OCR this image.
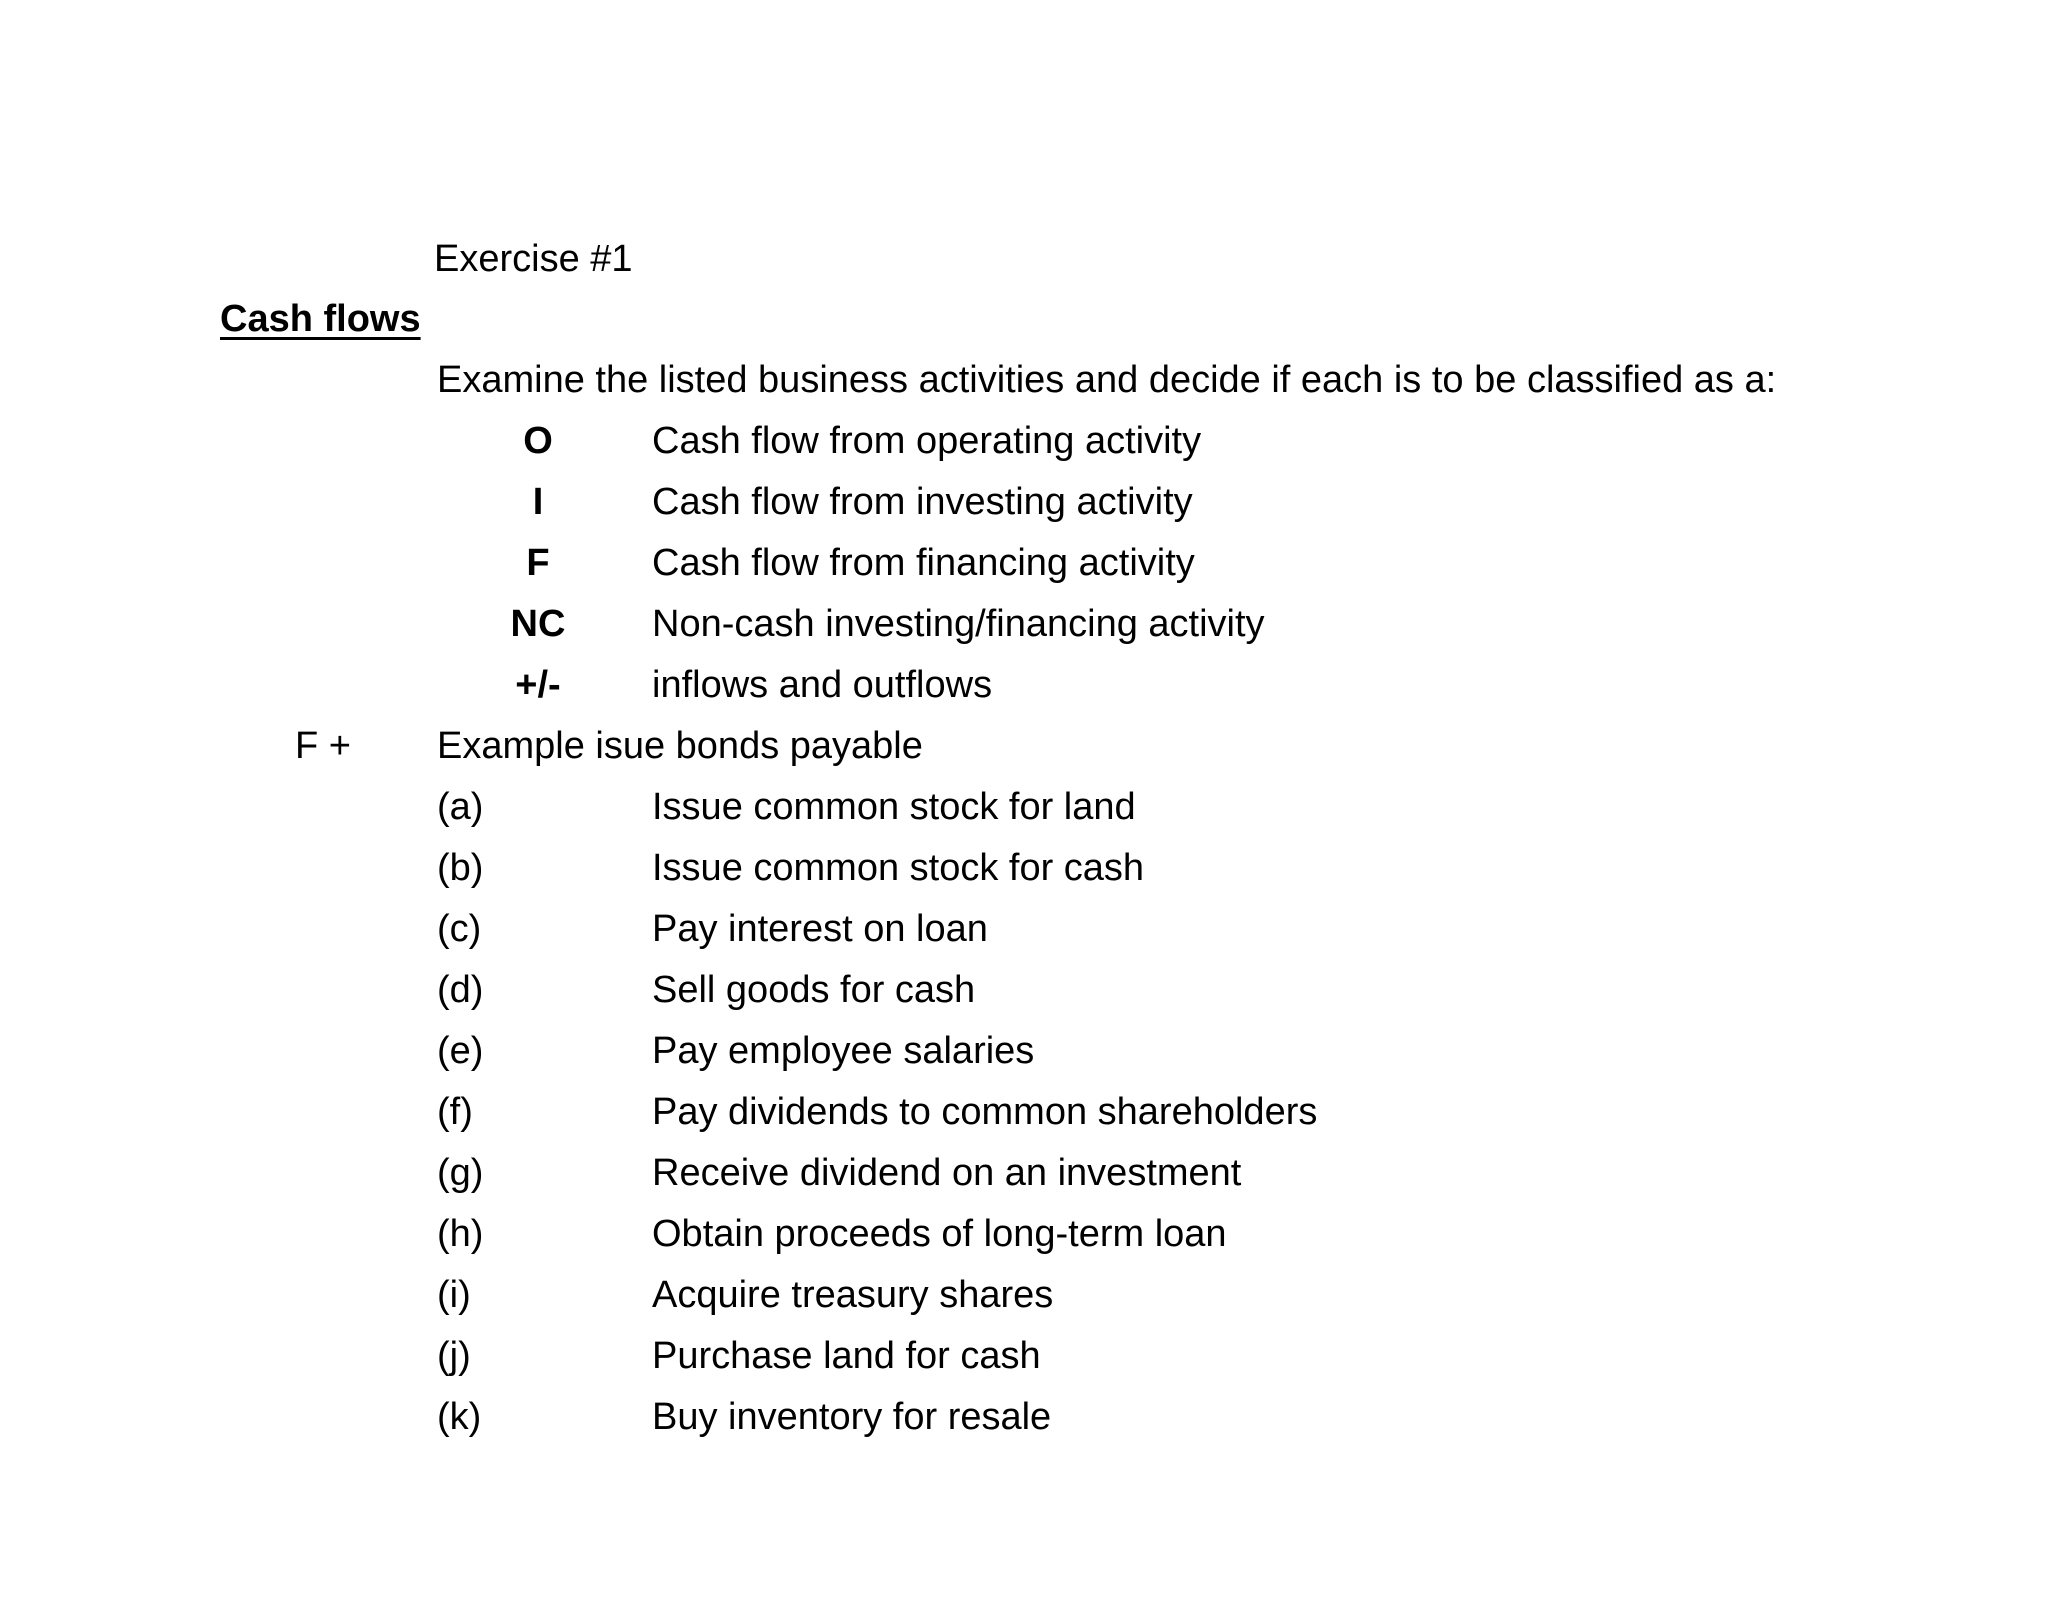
Exercise #1
Cash flows
Examine the listed business activities and decide if each is to be classified as a:
O	Cash flow from operating activity
I	Cash flow from investing activity
F	Cash flow from financing activity
NC	Non-cash investing/financing activity
+/-	inflows and outflows
F + Example isue bonds payable
(a)	Issue common stock for land
(b)	Issue common stock for cash
(c)	Pay interest on loan
(d)	Sell goods for cash
(e)	Pay employee salaries
(f)	Pay dividends to common shareholders
(g)	Receive dividend on an investment
(h)	Obtain proceeds of long-term loan
(i)	Acquire treasury shares
(j)	Purchase land for cash
(k)	Buy inventory for resale
